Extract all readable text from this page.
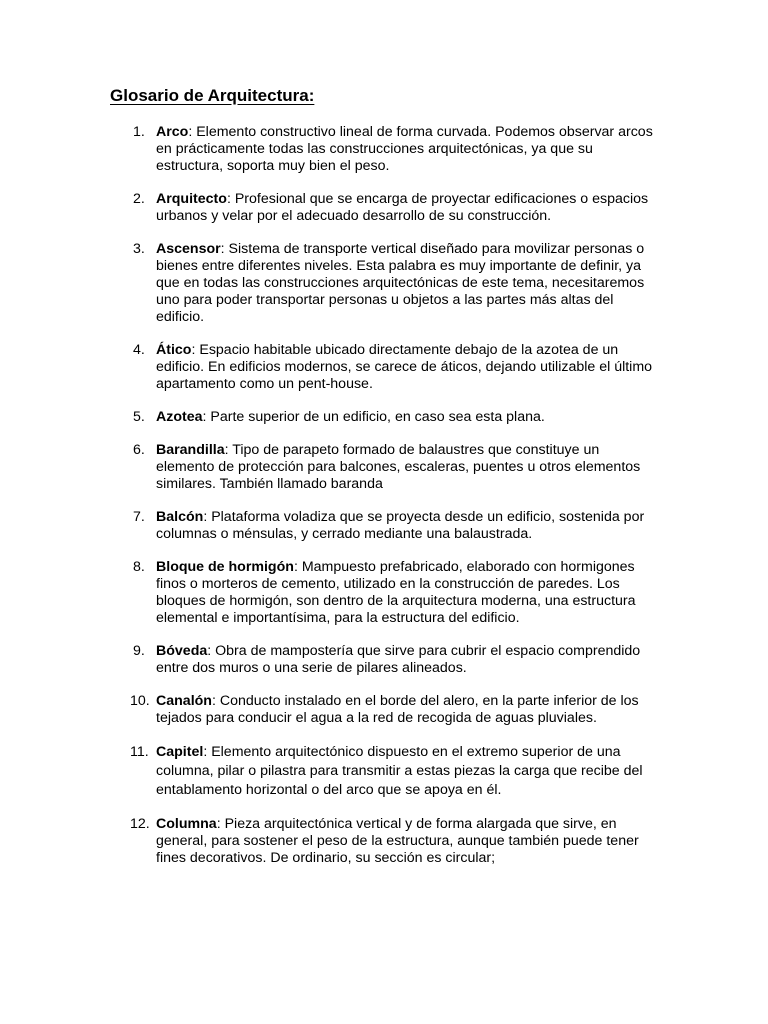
Glosario de Arquitectura:
1. Arco: Elemento constructivo lineal de forma curvada. Podemos observar arcos en prácticamente todas las construcciones arquitectónicas, ya que su estructura, soporta muy bien el peso.
2. Arquitecto: Profesional que se encarga de proyectar edificaciones o espacios urbanos y velar por el adecuado desarrollo de su construcción.
3. Ascensor: Sistema de transporte vertical diseñado para movilizar personas o bienes entre diferentes niveles. Esta palabra es muy importante de definir, ya que en todas las construcciones arquitectónicas de este tema, necesitaremos uno para poder transportar personas u objetos a las partes más altas del edificio.
4. Ático: Espacio habitable ubicado directamente debajo de la azotea de un edificio. En edificios modernos, se carece de áticos, dejando utilizable el último apartamento como un pent-house.
5. Azotea: Parte superior de un edificio, en caso sea esta plana.
6. Barandilla: Tipo de parapeto formado de balaustres que constituye un elemento de protección para balcones, escaleras, puentes u otros elementos similares. También llamado baranda
7. Balcón: Plataforma voladiza que se proyecta desde un edificio, sostenida por columnas o ménsulas, y cerrado mediante una balaustrada.
8. Bloque de hormigón: Mampuesto prefabricado, elaborado con hormigones finos o morteros de cemento, utilizado en la construcción de paredes. Los bloques de hormigón, son dentro de la arquitectura moderna, una estructura elemental e importantísima, para la estructura del edificio.
9. Bóveda: Obra de mampostería que sirve para cubrir el espacio comprendido entre dos muros o una serie de pilares alineados.
10. Canalón: Conducto instalado en el borde del alero, en la parte inferior de los tejados para conducir el agua a la red de recogida de aguas pluviales.
11. Capitel: Elemento arquitectónico dispuesto en el extremo superior de una columna, pilar o pilastra para transmitir a estas piezas la carga que recibe del entablamento horizontal o del arco que se apoya en él.
12. Columna: Pieza arquitectónica vertical y de forma alargada que sirve, en general, para sostener el peso de la estructura, aunque también puede tener fines decorativos. De ordinario, su sección es circular;
